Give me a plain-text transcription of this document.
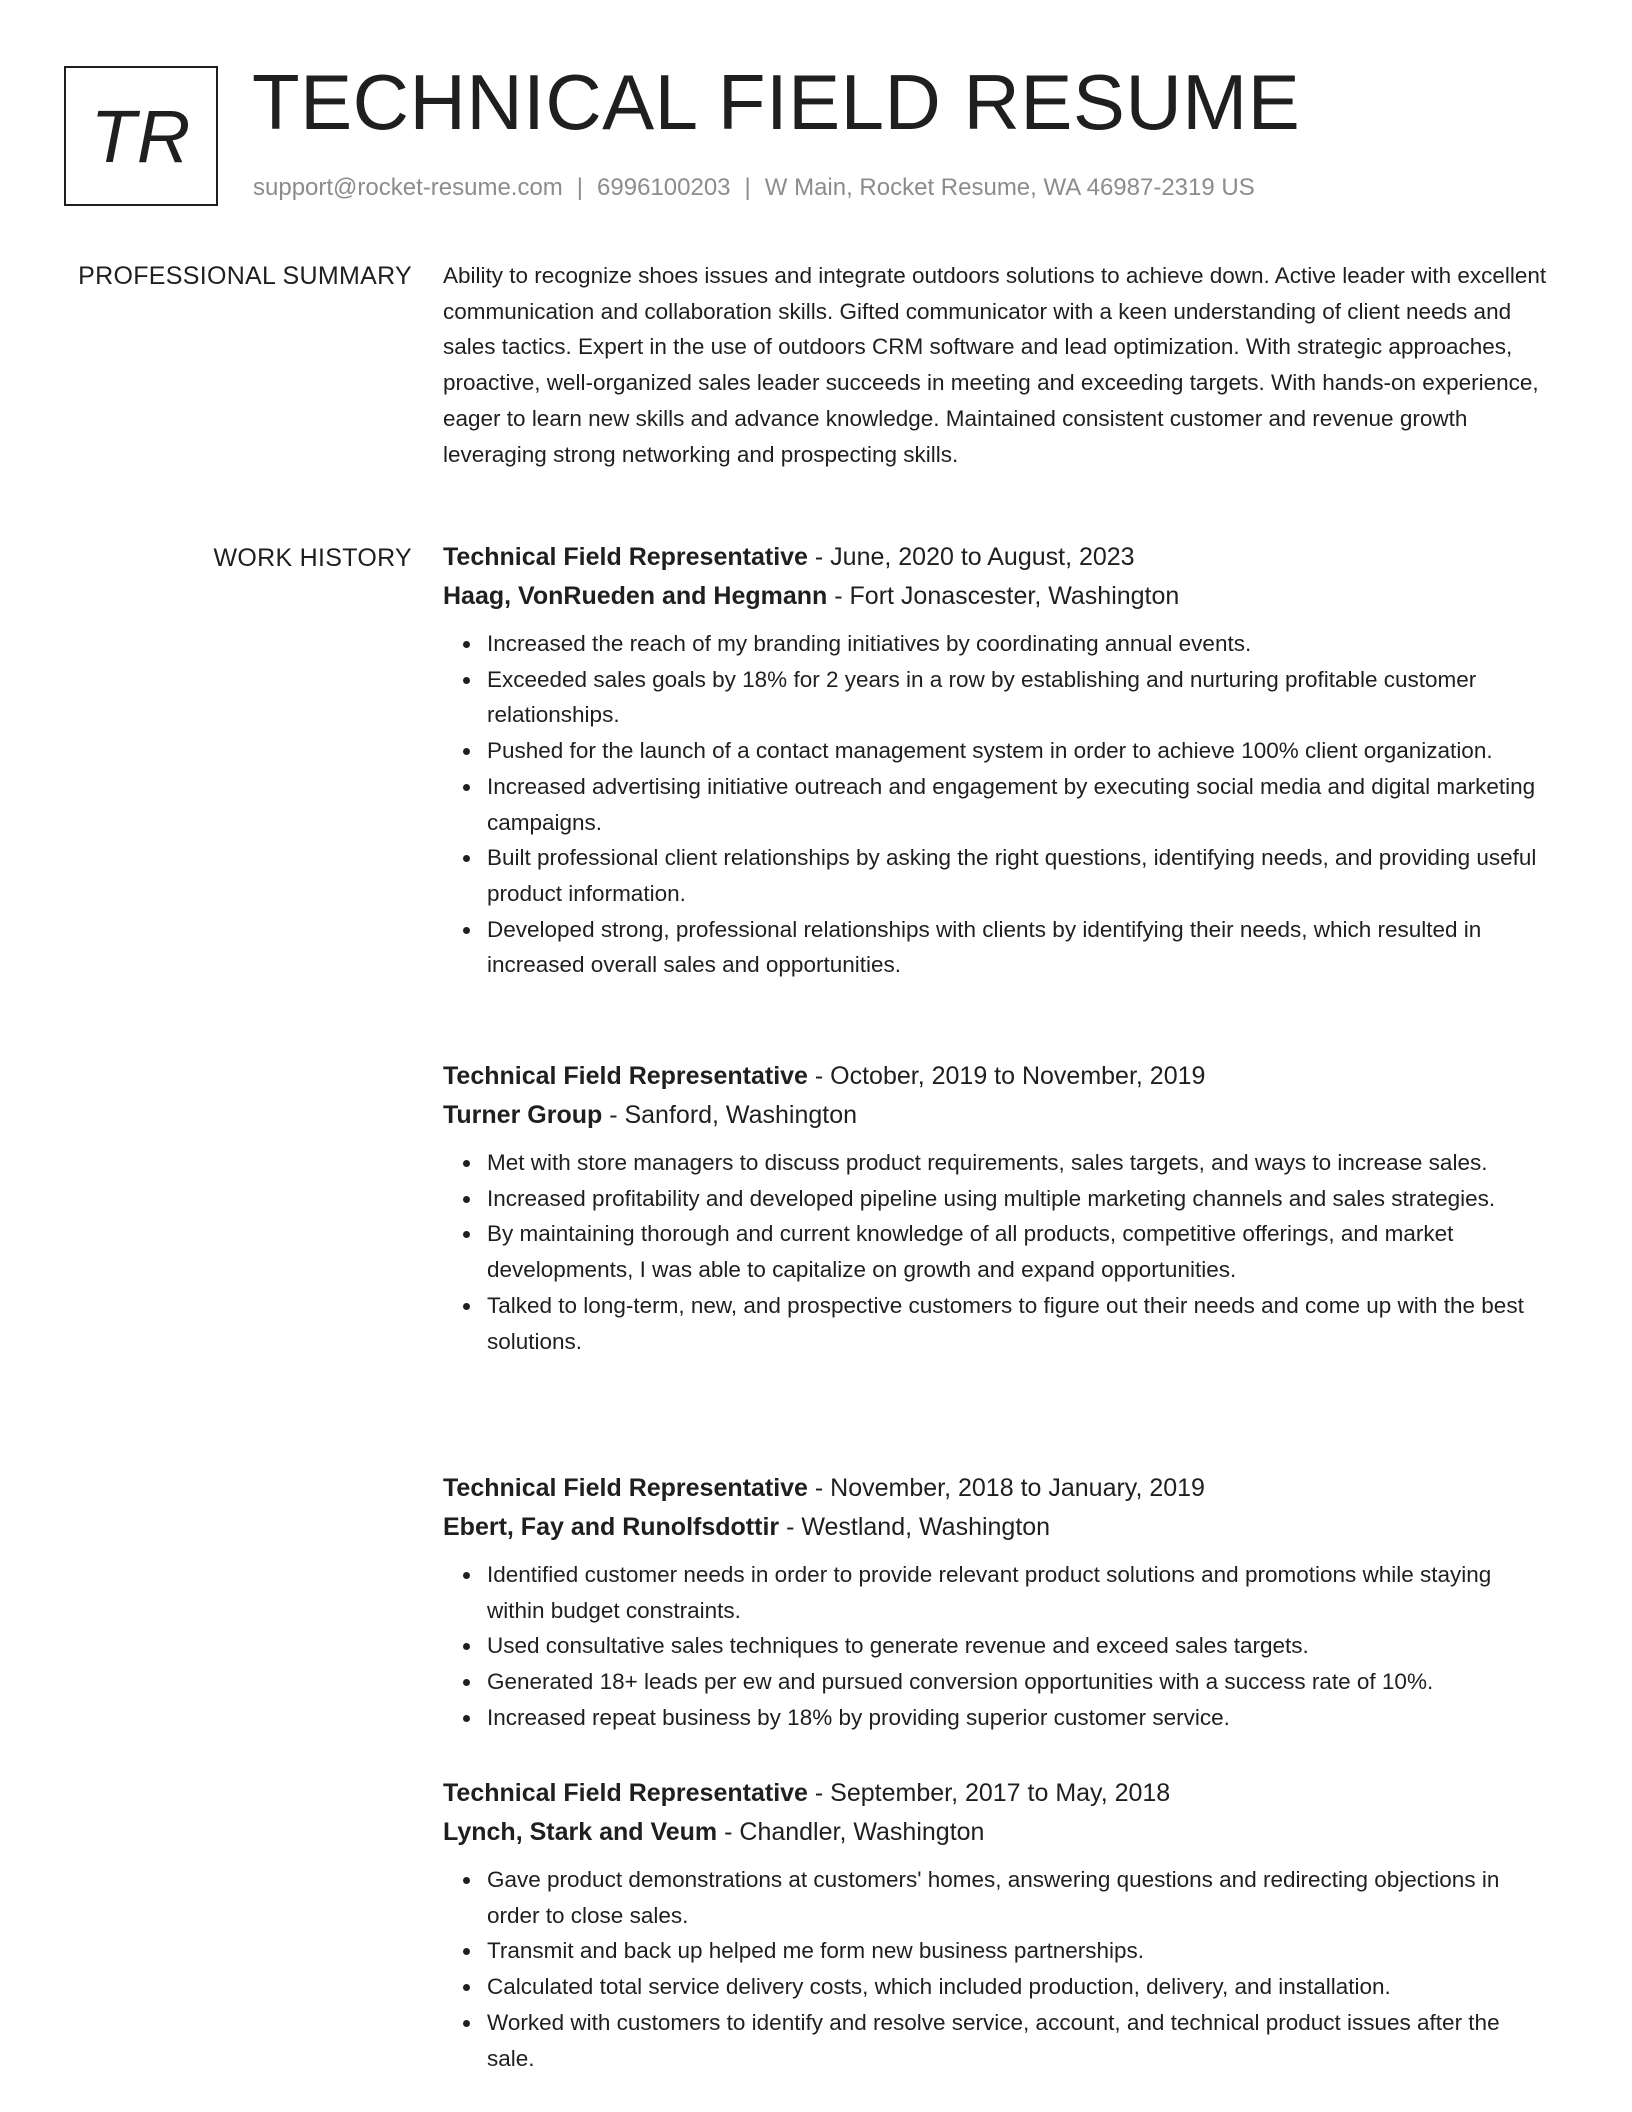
TR TECHNICAL FIELD RESUME
support@rocket-resume.com | 6996100203 | W Main, Rocket Resume, WA 46987-2319 US
PROFESSIONAL SUMMARY Ability to recognize shoes issues and integrate outdoors solutions to achieve down. Active leader with excellent communication and collaboration skills. Gifted communicator with a keen understanding of client needs and sales tactics. Expert in the use of outdoors CRM software and lead optimization. With strategic approaches, proactive, well-organized sales leader succeeds in meeting and exceeding targets. With hands-on experience, eager to learn new skills and advance knowledge. Maintained consistent customer and revenue growth leveraging strong networking and prospecting skills.

WORK HISTORY Technical Field Representative - June, 2020 to August, 2023

Haag, VonRueden and Hegmann - Fort Jonascester, Washington

Increased the reach of my branding initiatives by coordinating annual events.
Exceeded sales goals by 18% for 2 years in a row by establishing and nurturing profitable customer relationships.
Pushed for the launch of a contact management system in order to achieve 100% client organization.
Increased advertising initiative outreach and engagement by executing social media and digital marketing campaigns.
Built professional client relationships by asking the right questions, identifying needs, and providing useful product information.
Developed strong, professional relationships with clients by identifying their needs, which resulted in increased overall sales and opportunities.

Technical Field Representative - October, 2019 to November, 2019

Turner Group - Sanford, Washington

Met with store managers to discuss product requirements, sales targets, and ways to increase sales.
Increased profitability and developed pipeline using multiple marketing channels and sales strategies.
By maintaining thorough and current knowledge of all products, competitive offerings, and market developments, I was able to capitalize on growth and expand opportunities.
Talked to long-term, new, and prospective customers to figure out their needs and come up with the best solutions.

Technical Field Representative - November, 2018 to January, 2019

Ebert, Fay and Runolfsdottir - Westland, Washington

Identified customer needs in order to provide relevant product solutions and promotions while staying within budget constraints.
Used consultative sales techniques to generate revenue and exceed sales targets.
Generated 18+ leads per ew and pursued conversion opportunities with a success rate of 10%.
Increased repeat business by 18% by providing superior customer service.

Technical Field Representative - September, 2017 to May, 2018

Lynch, Stark and Veum - Chandler, Washington

Gave product demonstrations at customers' homes, answering questions and redirecting objections in order to close sales.
Transmit and back up helped me form new business partnerships.
Calculated total service delivery costs, which included production, delivery, and installation.
Worked with customers to identify and resolve service, account, and technical product issues after the sale.
